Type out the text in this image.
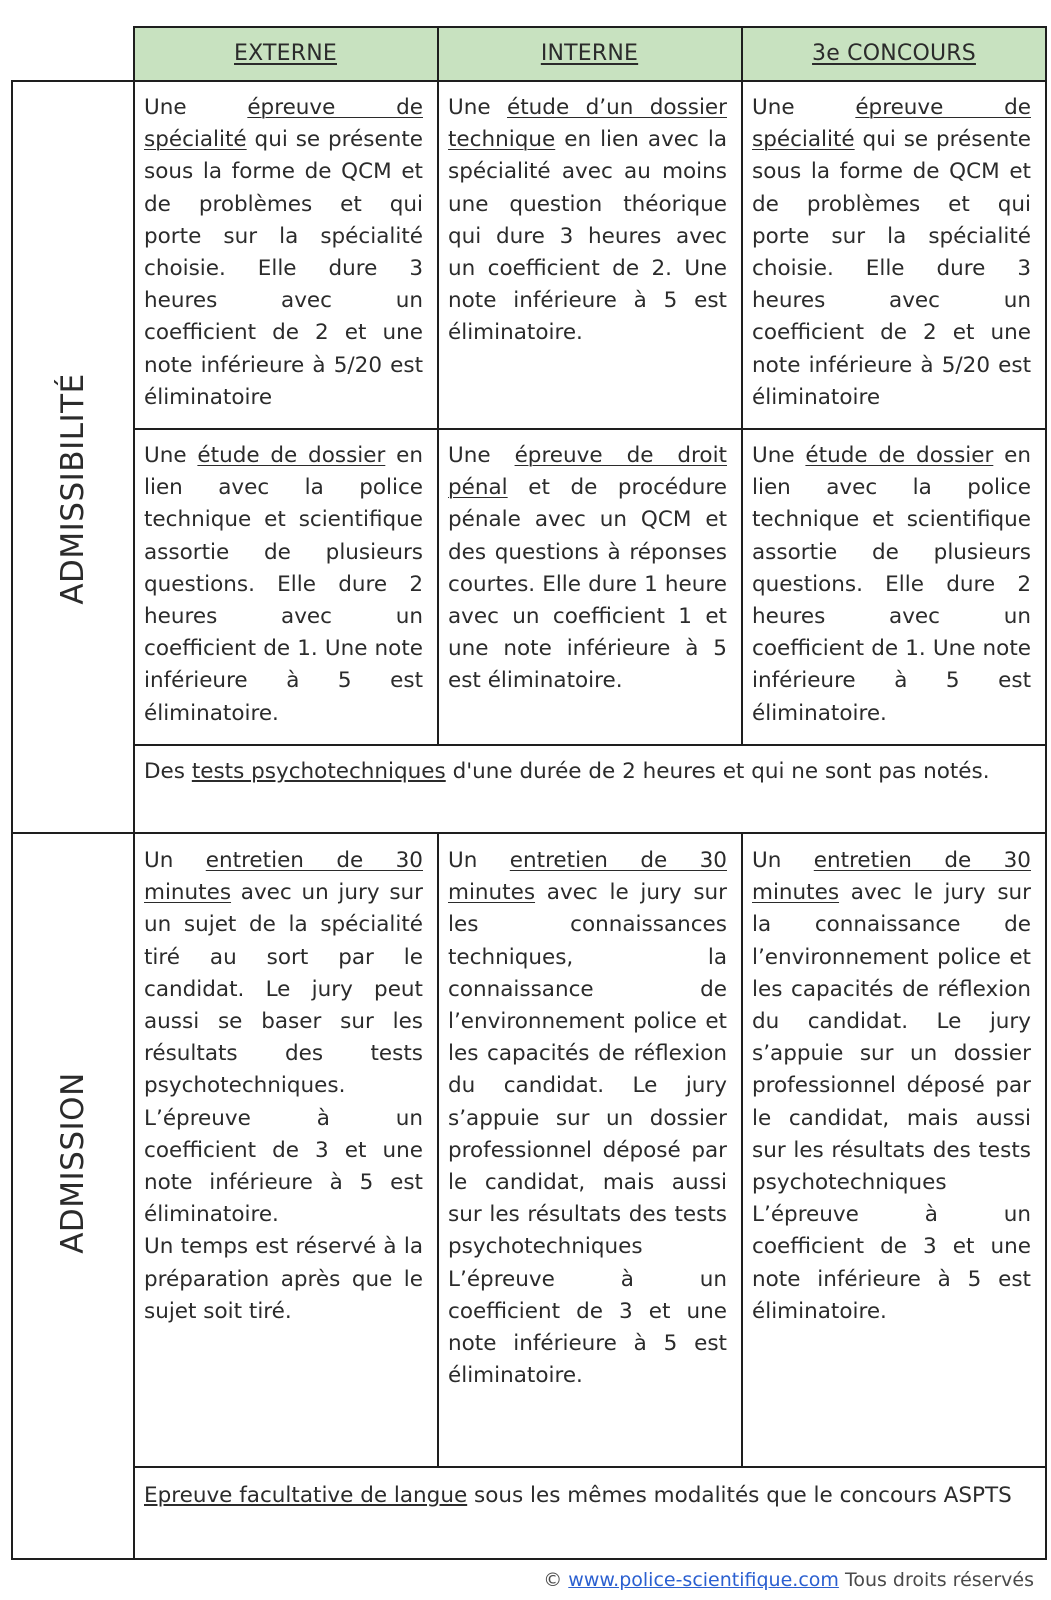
EXTERNE	INTERNE	3e CONCOURS
ADMISSIBILITÉ
ADMISSION
Une épreuve de spécialité qui se présente sous la forme de QCM et de problèmes et qui porte sur la spécialité choisie. Elle dure 3 heures avec un coefficient de 2 et une note inférieure à 5/20 est éliminatoire
Une étude d’un dossier technique en lien avec la spécialité avec au moins une question théorique qui dure 3 heures avec un coefficient de 2. Une note inférieure à 5 est éliminatoire.
Une épreuve de spécialité qui se présente sous la forme de QCM et de problèmes et qui porte sur la spécialité choisie. Elle dure 3 heures avec un coefficient de 2 et une note inférieure à 5/20 est éliminatoire
Une étude de dossier en lien avec la police technique et scientifique assortie de plusieurs questions. Elle dure 2 heures avec un coefficient de 1. Une note inférieure à 5 est éliminatoire.
Une épreuve de droit pénal et de procédure pénale avec un QCM et des questions à réponses courtes. Elle dure 1 heure avec un coefficient 1 et une note inférieure à 5 est éliminatoire.
Une étude de dossier en lien avec la police technique et scientifique assortie de plusieurs questions. Elle dure 2 heures avec un coefficient de 1. Une note inférieure à 5 est éliminatoire.
Des tests psychotechniques d'une durée de 2 heures et qui ne sont pas notés.
Un entretien de 30 minutes avec un jury sur un sujet de la spécialité tiré au sort par le candidat. Le jury peut aussi se baser sur les résultats des tests psychotechniques.
L’épreuve à un coefficient de 3 et une note inférieure à 5 est éliminatoire.
Un temps est réservé à la préparation après que le sujet soit tiré.
Un entretien de 30 minutes avec le jury sur les connaissances techniques, la connaissance de l’environnement police et les capacités de réflexion du candidat. Le jury s’appuie sur un dossier professionnel déposé par le candidat, mais aussi sur les résultats des tests psychotechniques
L’épreuve à un coefficient de 3 et une note inférieure à 5 est éliminatoire.
Un entretien de 30 minutes avec le jury sur la connaissance de l’environnement police et les capacités de réflexion du candidat. Le jury s’appuie sur un dossier professionnel déposé par le candidat, mais aussi sur les résultats des tests psychotechniques
L’épreuve à un coefficient de 3 et une note inférieure à 5 est éliminatoire.
Epreuve facultative de langue sous les mêmes modalités que le concours ASPTS
© www.police-scientifique.com Tous droits réservés
